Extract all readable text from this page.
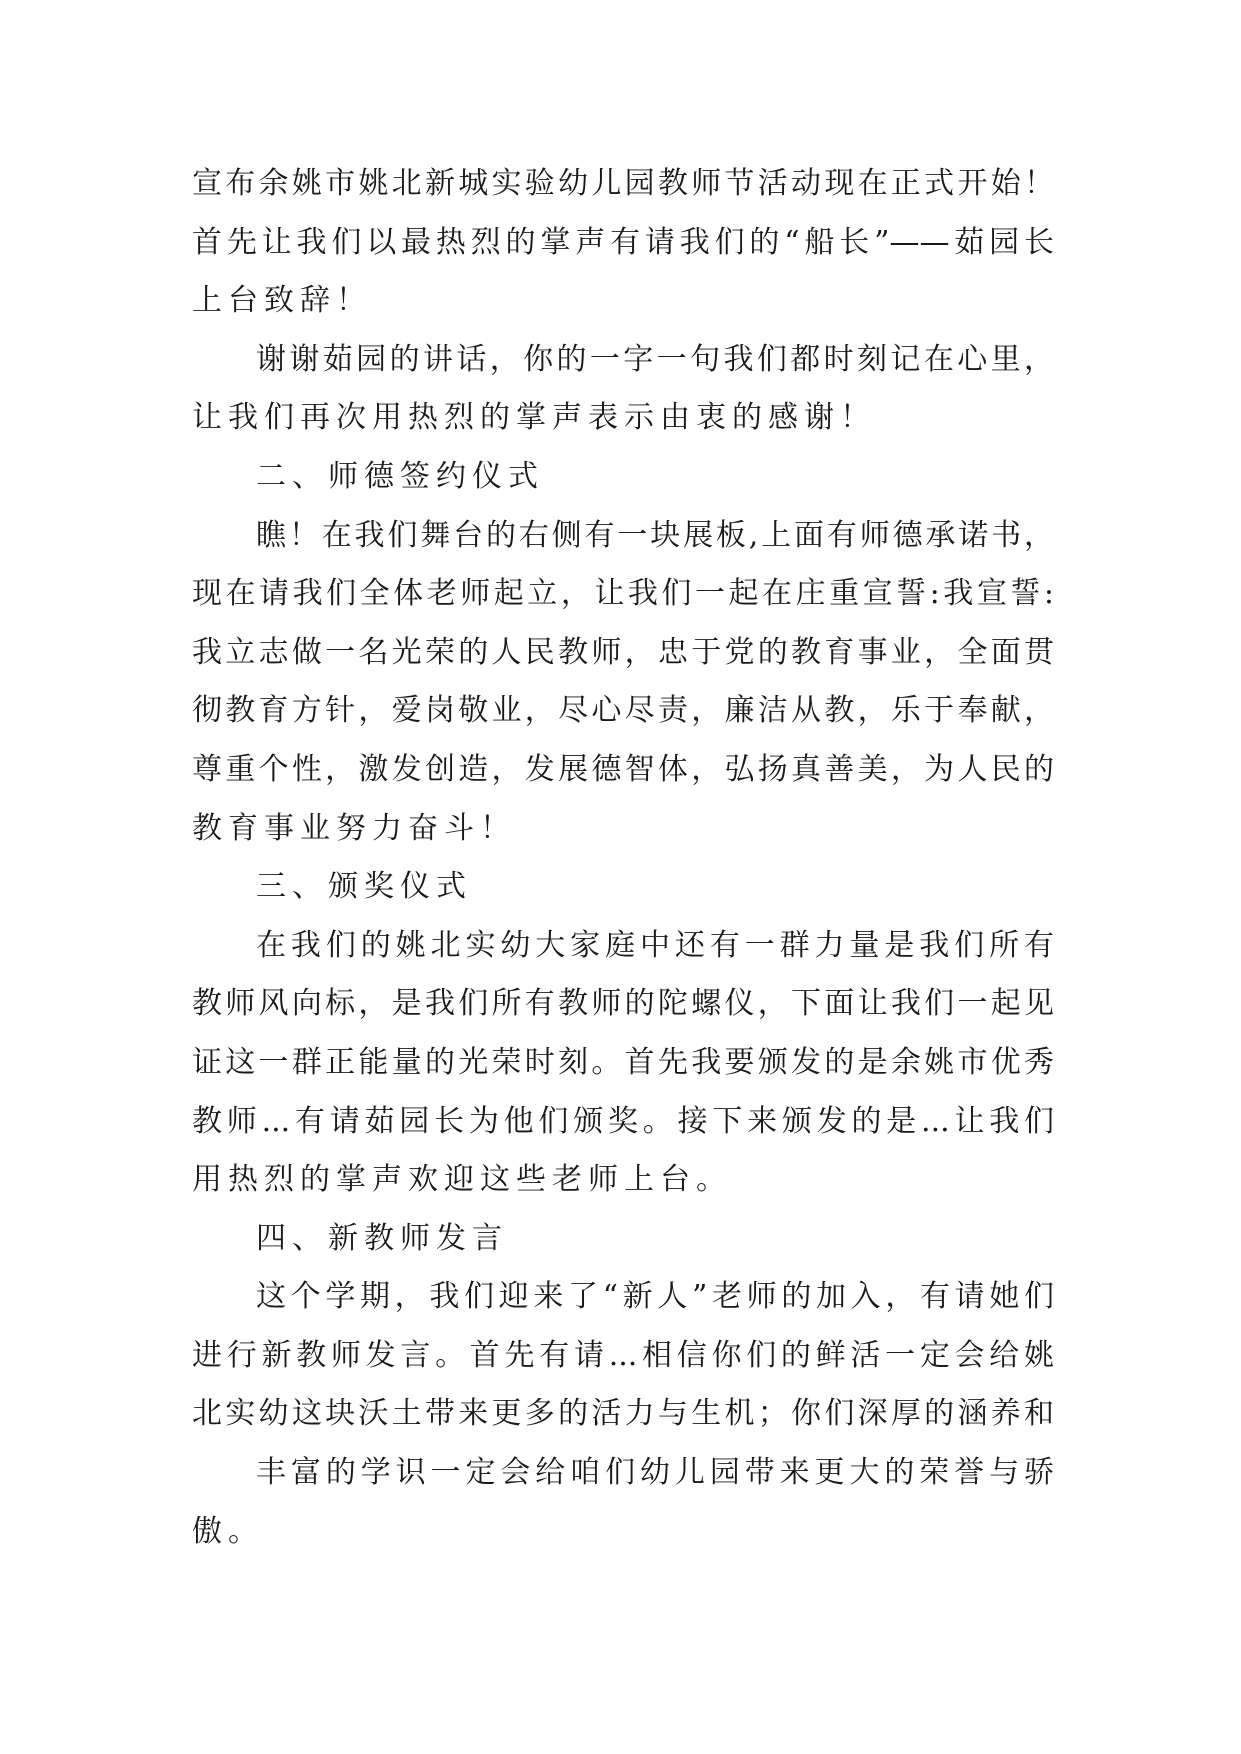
宣布余姚市姚北新城实验幼儿园教师节活动现在正式开始！
首先让我们以最热烈的掌声有请我们的“船长”——茹园长
上台致辞！
谢谢茹园的讲话，你的一字一句我们都时刻记在心里，
让我们再次用热烈的掌声表示由衷的感谢！
二、师德签约仪式
瞧！在我们舞台的右侧有一块展板,上面有师德承诺书，
现在请我们全体老师起立，让我们一起在庄重宣誓:我宣誓:
我立志做一名光荣的人民教师，忠于党的教育事业，全面贯
彻教育方针，爱岗敬业，尽心尽责，廉洁从教，乐于奉献，
尊重个性，激发创造，发展德智体，弘扬真善美，为人民的
教育事业努力奋斗！
三、颁奖仪式
在我们的姚北实幼大家庭中还有一群力量是我们所有
教师风向标，是我们所有教师的陀螺仪，下面让我们一起见
证这一群正能量的光荣时刻。首先我要颁发的是余姚市优秀
教师...有请茹园长为他们颁奖。接下来颁发的是...让我们
用热烈的掌声欢迎这些老师上台。
四、新教师发言
这个学期，我们迎来了“新人”老师的加入，有请她们
进行新教师发言。首先有请...相信你们的鲜活一定会给姚
北实幼这块沃土带来更多的活力与生机；你们深厚的涵养和
丰富的学识一定会给咱们幼儿园带来更大的荣誉与骄
傲。
